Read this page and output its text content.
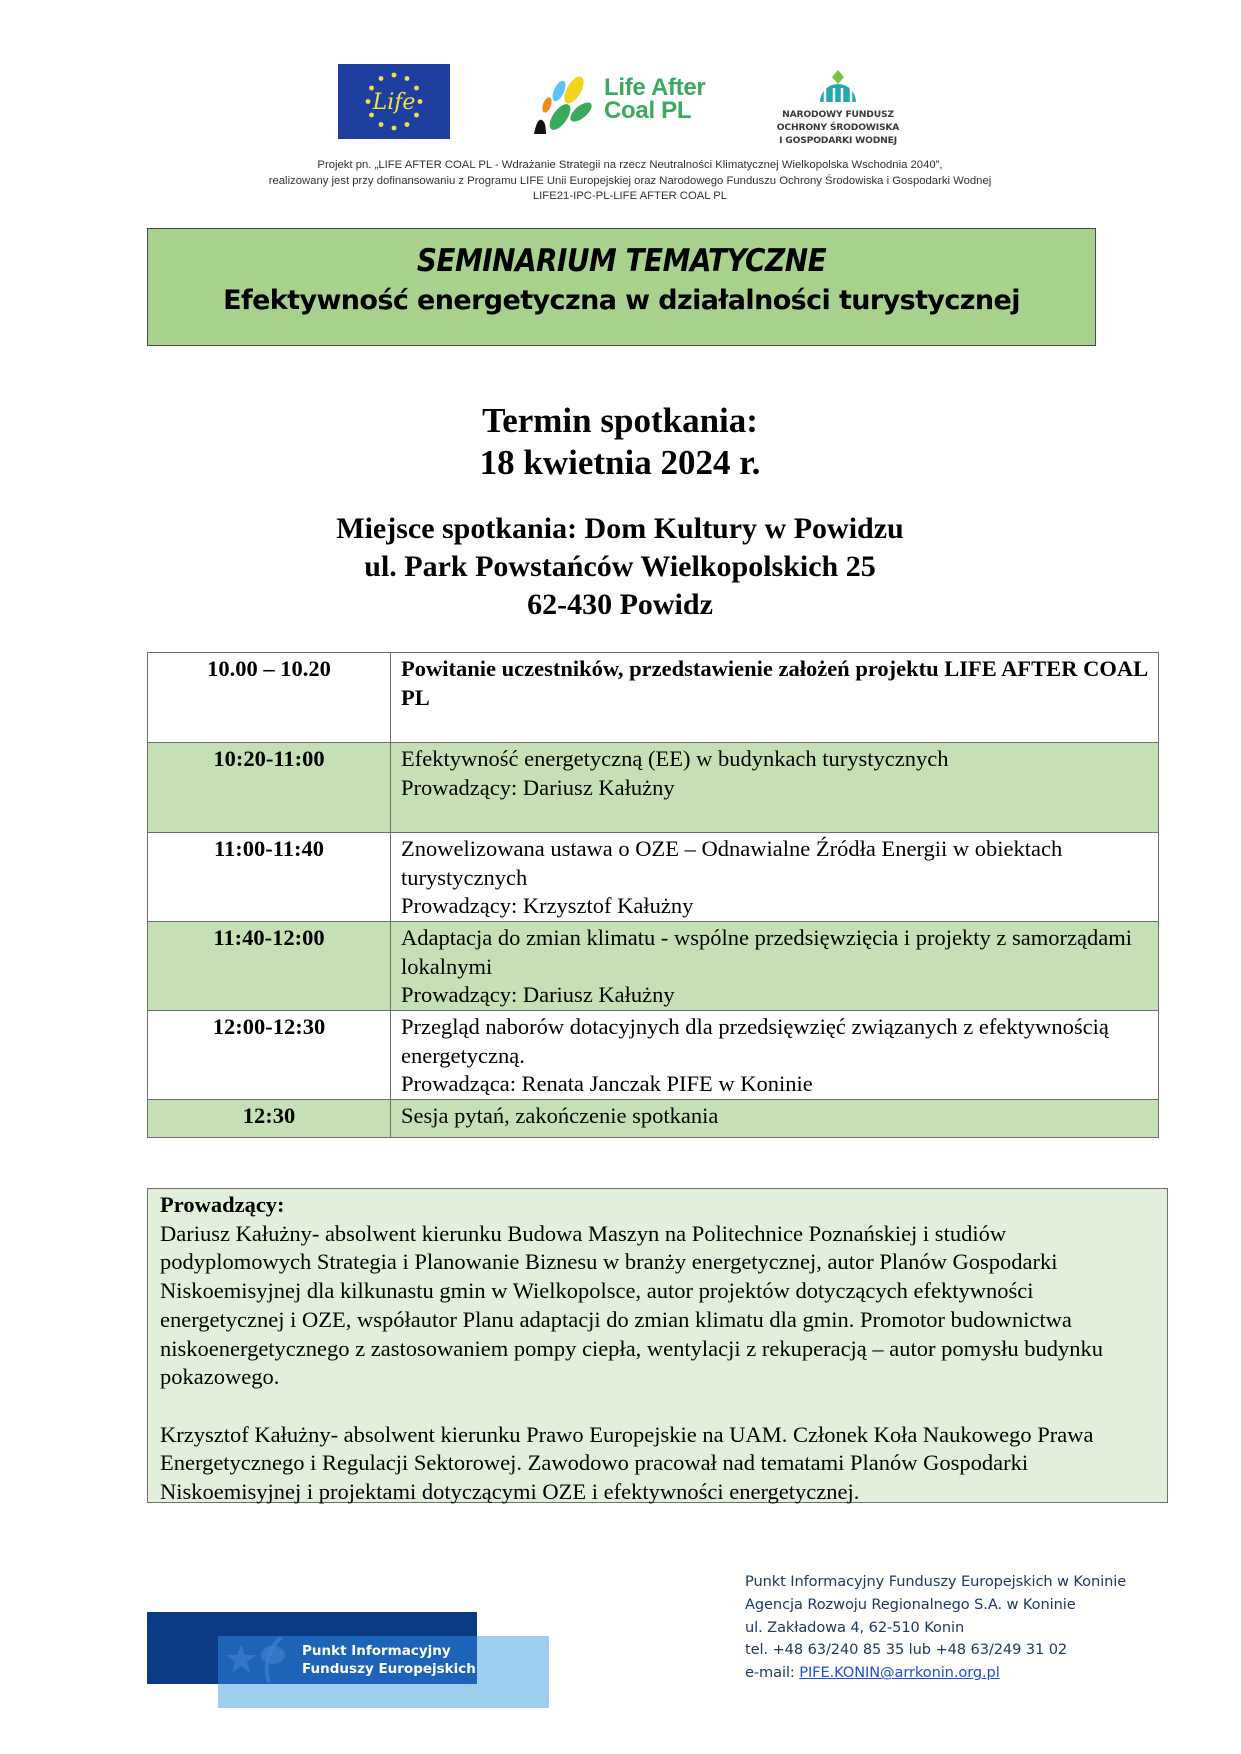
Life
Life After
Coal PL	NARODOWY FUNDUSZ
OCHRONY ŚRODOWISKA
I GOSPODARKI WODNEJ
Projekt pn. „LIFE AFTER COAL PL - Wdrażanie Strategii na rzecz Neutralności Klimatycznej Wielkopolska Wschodnia 2040”,
realizowany jest przy dofinansowaniu z Programu LIFE Unii Europejskiej oraz Narodowego Funduszu Ochrony Środowiska i Gospodarki Wodnej
LIFE21-IPC-PL-LIFE AFTER COAL PL
SEMINARIUM TEMATYCZNE
Efektywność energetyczna w działalności turystycznej
Termin spotkania:
18 kwietnia 2024 r.
Miejsce spotkania: Dom Kultury w Powidzu
ul. Park Powstańców Wielkopolskich 25
62-430 Powidz
10.00 – 10.20	Powitanie uczestników, przedstawienie założeń projektu LIFE AFTER COAL PL

10:20-11:00	Efektywność energetyczną (EE) w budynkach turystycznych
Prowadzący: Dariusz Kałużny

11:00-11:40	Znowelizowana ustawa o OZE – Odnawialne Źródła Energii w obiektach turystycznych
Prowadzący: Krzysztof Kałużny

11:40-12:00	Adaptacja do zmian klimatu - wspólne przedsięwzięcia i projekty z samorządami lokalnymi
Prowadzący: Dariusz Kałużny

12:00-12:30	Przegląd naborów dotacyjnych dla przedsięwzięć związanych z efektywnością energetyczną.
Prowadząca: Renata Janczak PIFE w Koninie

12:30	Sesja pytań, zakończenie spotkania

Prowadzący:

Dariusz Kałużny- absolwent kierunku Budowa Maszyn na Politechnice Poznańskiej i studiów podyplomowych Strategia i Planowanie Biznesu w branży energetycznej, autor Planów Gospodarki Niskoemisyjnej dla kilkunastu gmin w Wielkopolsce, autor projektów dotyczących efektywności energetycznej i OZE, współautor Planu adaptacji do zmian klimatu dla gmin. Promotor budownictwa niskoenergetycznego z zastosowaniem pompy ciepła, wentylacji z rekuperacją – autor pomysłu budynku pokazowego.

Krzysztof Kałużny- absolwent kierunku Prawo Europejskie na UAM. Członek Koła Naukowego Prawa Energetycznego i Regulacji Sektorowej. Zawodowo pracował nad tematami Planów Gospodarki Niskoemisyjnej i projektami dotyczącymi OZE i efektywności energetycznej.

Punkt Informacyjny
Funduszy Europejskich
Punkt Informacyjny Funduszy Europejskich w Koninie
Agencja Rozwoju Regionalnego S.A. w Koninie
ul. Zakładowa 4, 62-510 Konin
tel. +48 63/240 85 35 lub +48 63/249 31 02
e-mail: PIFE.KONIN@arrkonin.org.pl
